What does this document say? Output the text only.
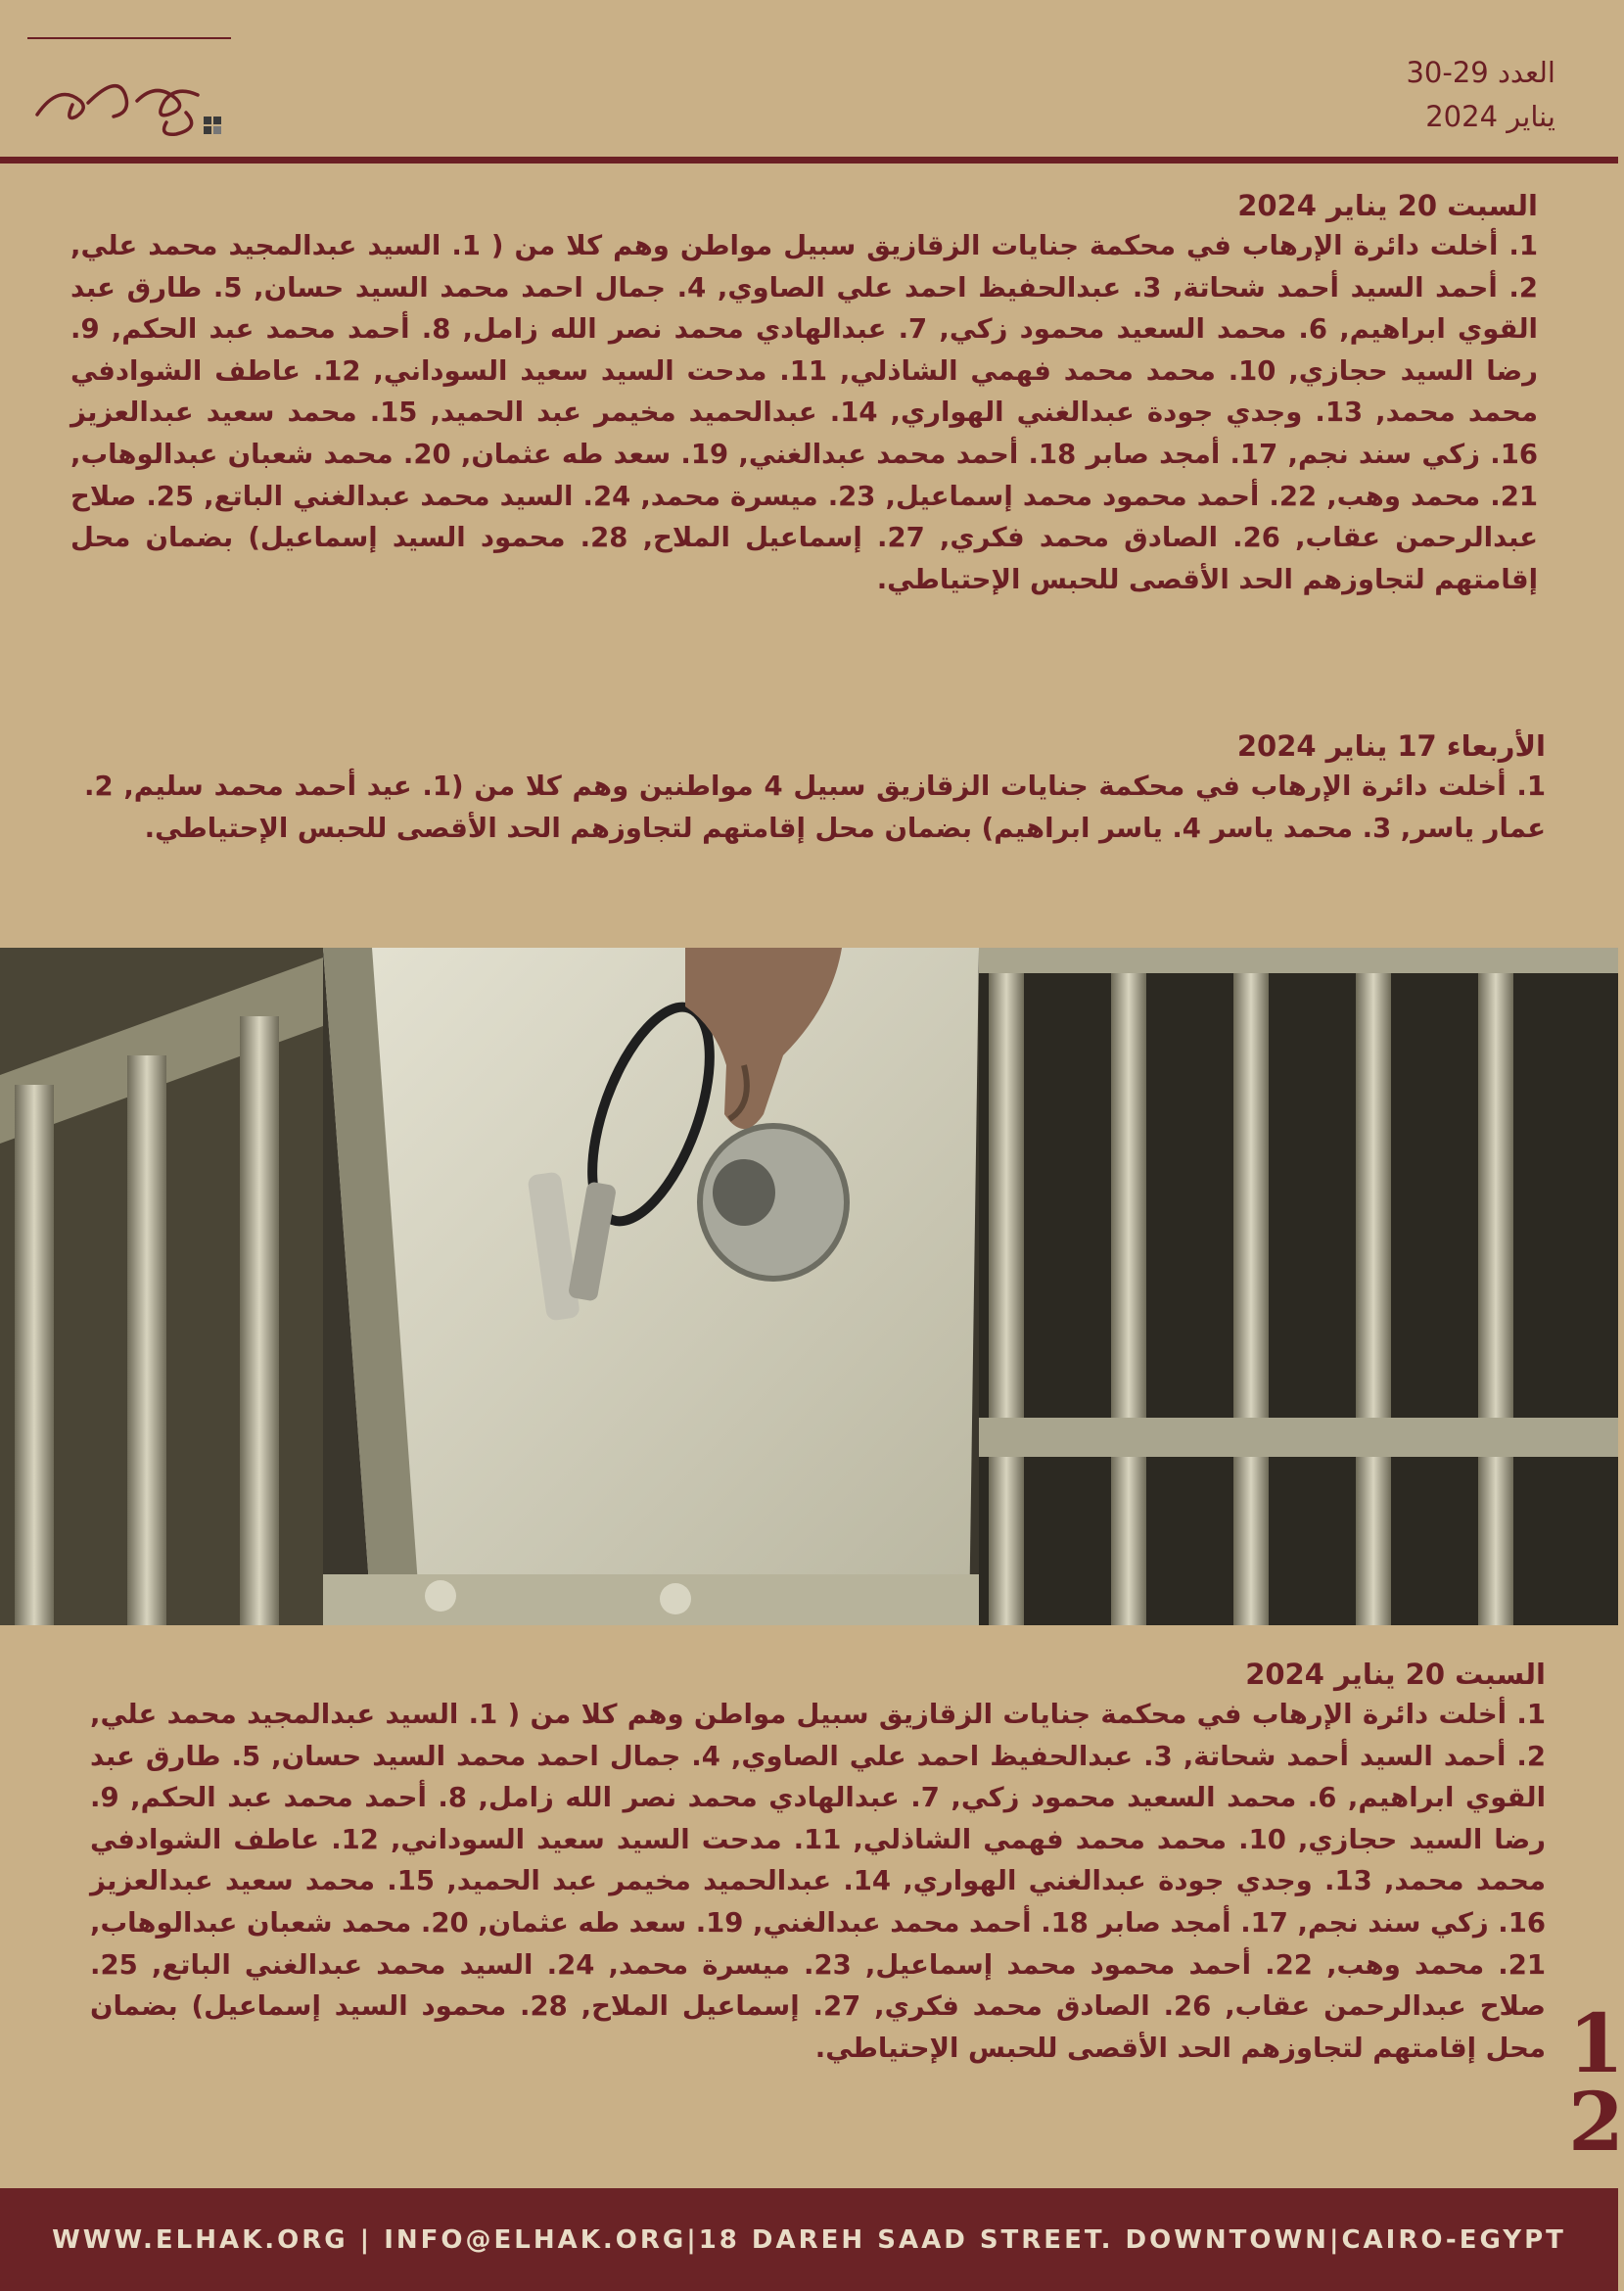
العدد 29-30
يناير 2024
السبت 20 يناير 2024

1. أخلت دائرة الإرهاب في محكمة جنايات الزقازيق سبيل مواطن وهم كلا من ( 1. السيد عبدالمجيد محمد علي, 2. أحمد السيد أحمد شحاتة, 3. عبدالحفيظ احمد علي الصاوي, 4. جمال احمد محمد السيد حسان, 5. طارق عبد القوي ابراهيم, 6. محمد السعيد محمود زكي, 7. عبدالهادي محمد نصر الله زامل, 8. أحمد محمد عبد الحكم, 9. رضا السيد حجازي, 10. محمد محمد فهمي الشاذلي, 11. مدحت السيد سعيد السوداني, 12. عاطف الشوادفي محمد محمد, 13. وجدي جودة عبدالغني الهواري, 14. عبدالحميد مخيمر عبد الحميد, 15. محمد سعيد عبدالعزيز 16. زكي سند نجم, 17. أمجد صابر 18. أحمد محمد عبدالغني, 19. سعد طه عثمان, 20. محمد شعبان عبدالوهاب, 21. محمد وهب, 22. أحمد محمود محمد إسماعيل, 23. ميسرة محمد, 24. السيد محمد عبدالغني الباتع, 25. صلاح عبدالرحمن عقاب, 26. الصادق محمد فكري, 27. إسماعيل الملاح, 28. محمود السيد إسماعيل) بضمان محل إقامتهم لتجاوزهم الحد الأقصى للحبس الإحتياطي.

الأربعاء 17 يناير 2024

1. أخلت دائرة الإرهاب في محكمة جنايات الزقازيق سبيل 4 مواطنين وهم كلا من (1. عيد أحمد محمد سليم, 2. عمار ياسر, 3. محمد ياسر 4. ياسر ابراهيم) بضمان محل إقامتهم لتجاوزهم الحد الأقصى للحبس الإحتياطي.

السبت 20 يناير 2024

1. أخلت دائرة الإرهاب في محكمة جنايات الزقازيق سبيل مواطن وهم كلا من ( 1. السيد عبدالمجيد محمد علي, 2. أحمد السيد أحمد شحاتة, 3. عبدالحفيظ احمد علي الصاوي, 4. جمال احمد محمد السيد حسان, 5. طارق عبد القوي ابراهيم, 6. محمد السعيد محمود زكي, 7. عبدالهادي محمد نصر الله زامل, 8. أحمد محمد عبد الحكم, 9. رضا السيد حجازي, 10. محمد محمد فهمي الشاذلي, 11. مدحت السيد سعيد السوداني, 12. عاطف الشوادفي محمد محمد, 13. وجدي جودة عبدالغني الهواري, 14. عبدالحميد مخيمر عبد الحميد, 15. محمد سعيد عبدالعزيز 16. زكي سند نجم, 17. أمجد صابر 18. أحمد محمد عبدالغني, 19. سعد طه عثمان, 20. محمد شعبان عبدالوهاب, 21. محمد وهب, 22. أحمد محمود محمد إسماعيل, 23. ميسرة محمد, 24. السيد محمد عبدالغني الباتع, 25. صلاح عبدالرحمن عقاب, 26. الصادق محمد فكري, 27. إسماعيل الملاح, 28. محمود السيد إسماعيل) بضمان محل إقامتهم لتجاوزهم الحد الأقصى للحبس الإحتياطي. 1
2
WWW.ELHAK.ORG | INFO@ELHAK.ORG|18 DAREH SAAD STREET. DOWNTOWN|CAIRO-EGYPT
